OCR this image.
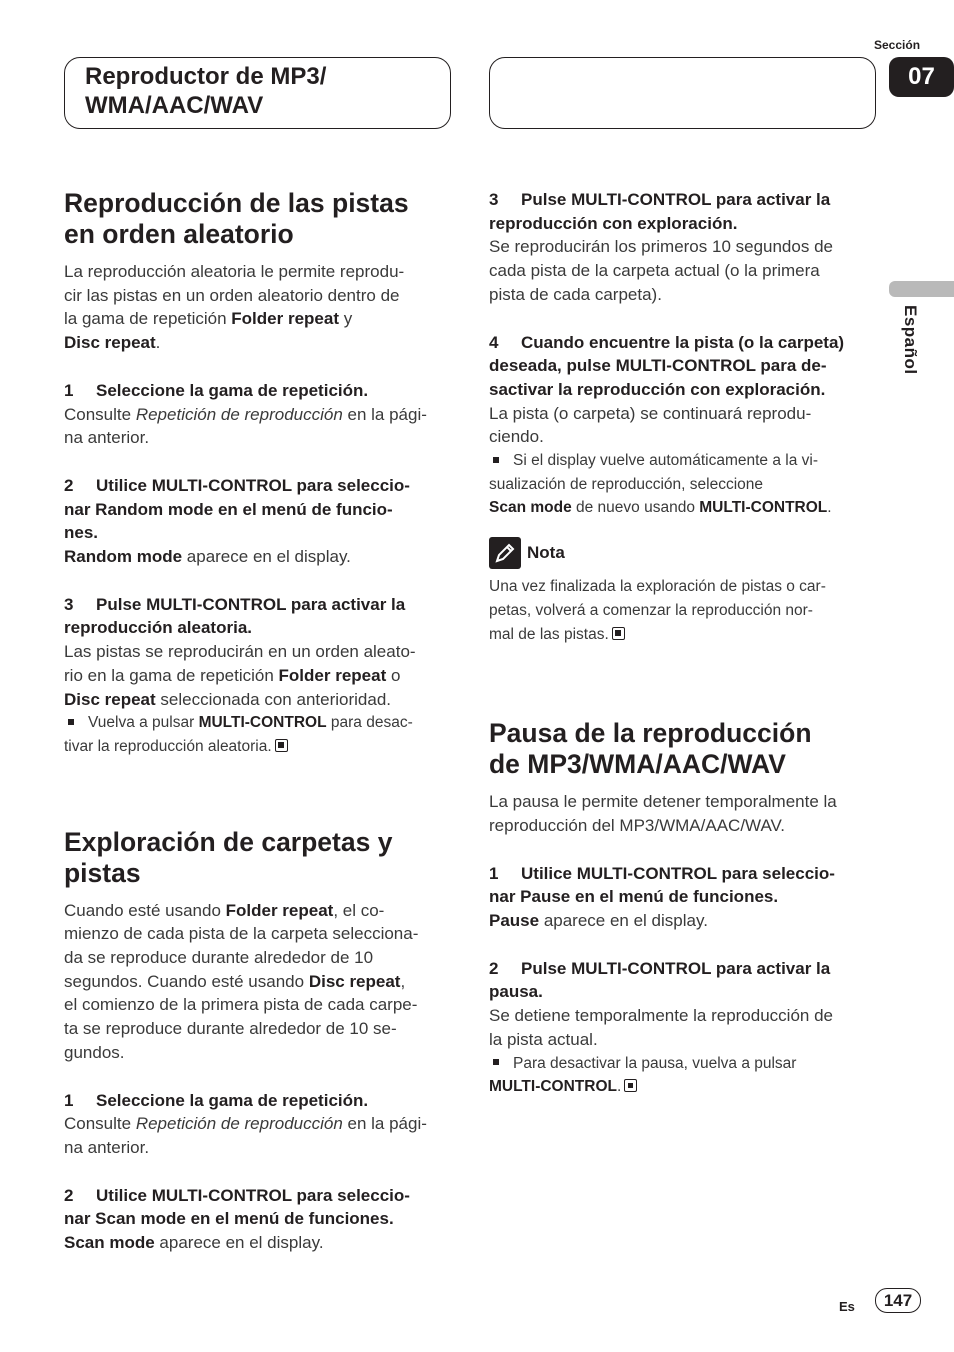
Reproductor de MP3/
WMA/AAC/WAV
Sección
07
Español
Reproducción de las pistas
en orden aleatorio

La reproducción aleatoria le permite reprodu-
cir las pistas en un orden aleatorio dentro de
la gama de repetición Folder repeat y
Disc repeat.

1 Seleccione la gama de repetición.

Consulte Repetición de reproducción en la pági-
na anterior.

2 Utilice MULTI-CONTROL para seleccio-
nar Random mode en el menú de funcio-
nes.

Random mode aparece en el display.

3 Pulse MULTI-CONTROL para activar la
reproducción aleatoria.

Las pistas se reproducirán en un orden aleato-
rio en la gama de repetición Folder repeat o
Disc repeat seleccionada con anterioridad.

Vuelva a pulsar MULTI-CONTROL para desac-
tivar la reproducción aleatoria.

Exploración de carpetas y
pistas

Cuando esté usando Folder repeat, el co-
mienzo de cada pista de la carpeta selecciona-
da se reproduce durante alrededor de 10
segundos. Cuando esté usando Disc repeat,
el comienzo de la primera pista de cada carpe-
ta se reproduce durante alrededor de 10 se-
gundos.

1 Seleccione la gama de repetición.

Consulte Repetición de reproducción en la pági-
na anterior.

2 Utilice MULTI-CONTROL para seleccio-
nar Scan mode en el menú de funciones.

Scan mode aparece en el display.

3 Pulse MULTI-CONTROL para activar la
reproducción con exploración.

Se reproducirán los primeros 10 segundos de
cada pista de la carpeta actual (o la primera
pista de cada carpeta).

4 Cuando encuentre la pista (o la carpeta)
deseada, pulse MULTI-CONTROL para de-
sactivar la reproducción con exploración.

La pista (o carpeta) se continuará reprodu-
ciendo.

Si el display vuelve automáticamente a la vi-
sualización de reproducción, seleccione
Scan mode de nuevo usando MULTI-CONTROL.

Nota

Una vez finalizada la exploración de pistas o car-
petas, volverá a comenzar la reproducción nor-
mal de las pistas.

Pausa de la reproducción
de MP3/WMA/AAC/WAV

La pausa le permite detener temporalmente la
reproducción del MP3/WMA/AAC/WAV.

1 Utilice MULTI-CONTROL para seleccio-
nar Pause en el menú de funciones.

Pause aparece en el display.

2 Pulse MULTI-CONTROL para activar la
pausa.

Se detiene temporalmente la reproducción de
la pista actual.

Para desactivar la pausa, vuelva a pulsar
MULTI-CONTROL.

Es	147
